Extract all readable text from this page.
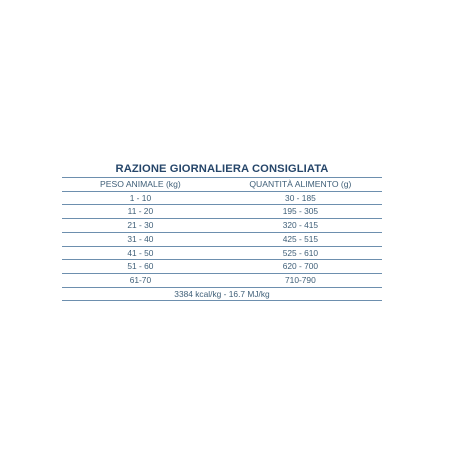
RAZIONE GIORNALIERA CONSIGLIATA
PESO ANIMALE (kg)	QUANTITÀ ALIMENTO (g)
1 - 10	30 - 185
11 - 20	195 - 305
21 - 30	320 - 415
31 - 40	425 - 515
41 - 50	525 - 610
51 - 60	620 - 700
61-70	710-790
3384 kcal/kg - 16.7 MJ/kg	
